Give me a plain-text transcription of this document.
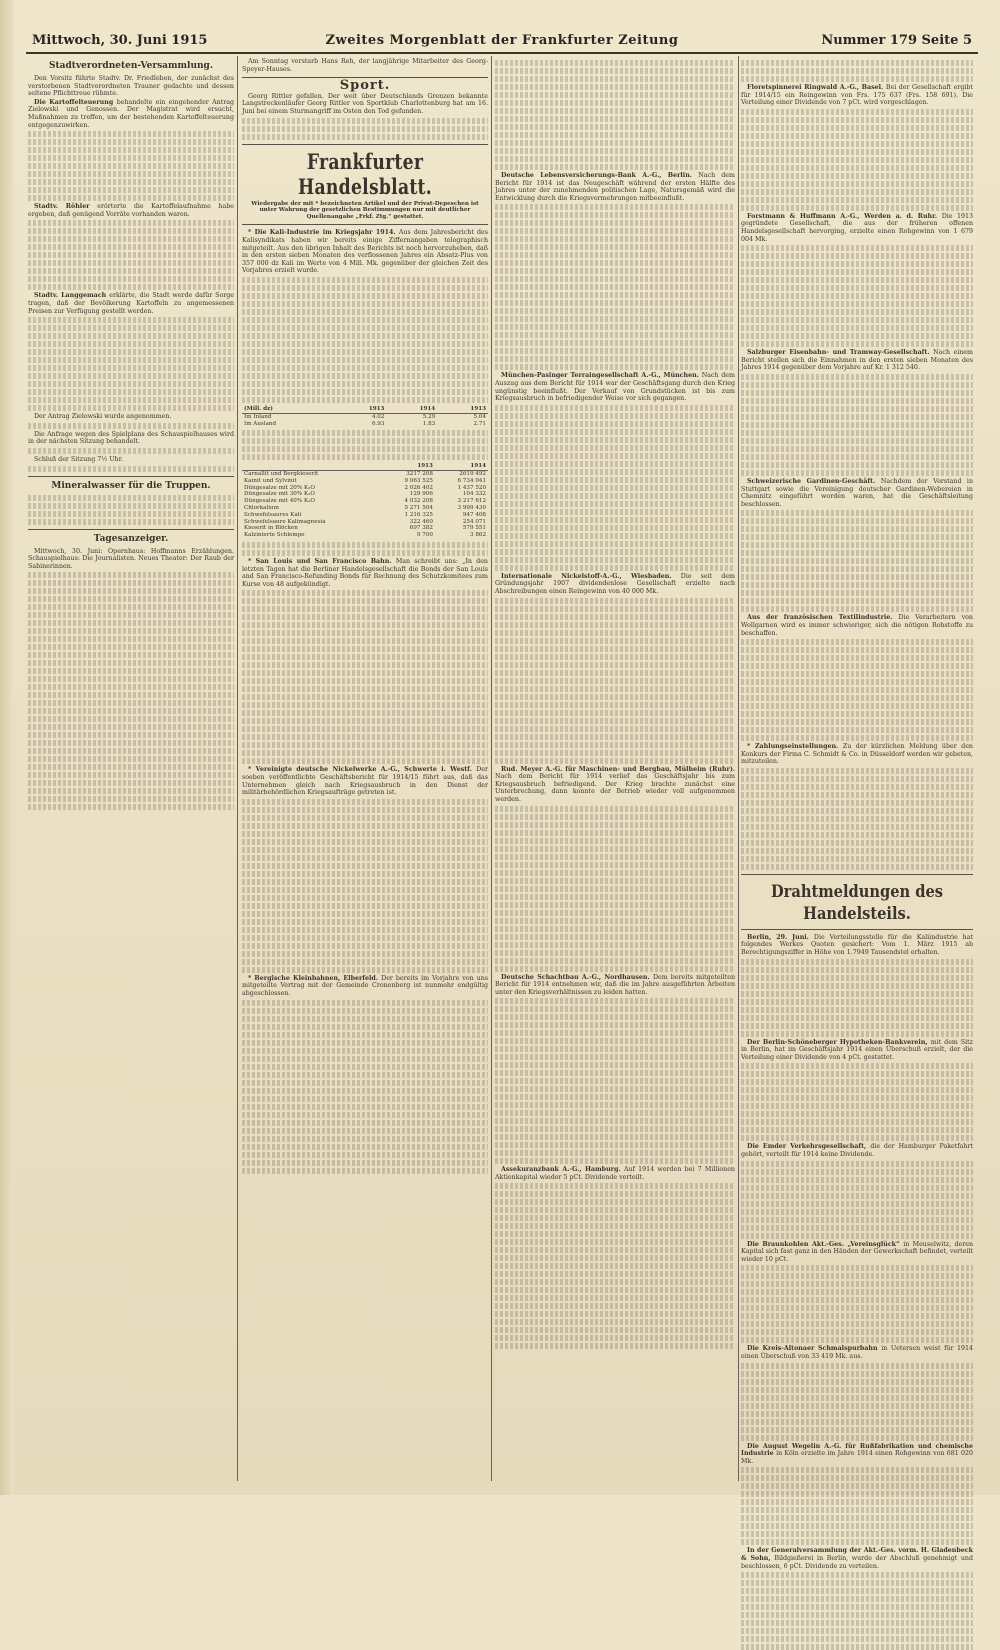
Mittwoch, 30. Juni 1915	Zweites Morgenblatt der Frankfurter Zeitung	Nummer 179 Seite 5
Stadtverordneten-Versammlung.

Den Vorsitz führte Stadtv. Dr. Friedleben, der zunächst des verstorbenen Stadtverordneten Trauner gedachte und dessen seltene Pflichttreue rühmte.

Die Kartoffelteuerung behandelte ein eingehender Antrag Zielowski und Genossen. Der Magistrat wird ersucht, Maßnahmen zu treffen, um der bestehenden Kartoffelteuerung entgegenzuwirken.

Stadtv. Röhler erörterte die Kartoffelaufnahme habe ergeben, daß genügend Vorräte vorhanden waren.

Stadtv. Langgemach erklärte, die Stadt werde dafür Sorge tragen, daß der Bevölkerung Kartoffeln zu angemessenen Preisen zur Verfügung gestellt werden.

Der Antrag Zielowski wurde angenommen.

Die Anfrage wegen des Spielplans des Schauspielhauses wird in der nächsten Sitzung behandelt.

Schluß der Sitzung 7½ Uhr.

Mineralwasser für die Truppen.
Tagesanzeiger.

Mittwoch, 30. Juni: Opernhaus: Hoffmanns Erzählungen. Schauspielhaus: Die Journalisten. Neues Theater: Der Raub der Sabinerinnen.

Am Sonntag verstarb Hans Reh, der langjährige Mitarbeiter des Georg-Speyer-Hauses.

Sport.

Georg Rittler gefallen. Der weit über Deutschlands Grenzen bekannte Langstreckenläufer Georg Rittler von Sportklub Charlottenburg hat am 16. Juni bei einem Sturmangriff im Osten den Tod gefunden.

Frankfurter Handelsblatt.
Wiedergabe der mit * bezeichneten Artikel und der Privat-Depeschen ist unter Wahrung der gesetzlichen Bestimmungen nur mit deutlicher Quellenangabe „Frkf. Ztg.“ gestattet.

* Die Kali-Industrie im Kriegsjahr 1914. Aus dem Jahresbericht des Kalisyndikats haben wir bereits einige Ziffernangaben telegraphisch mitgeteilt. Aus den übrigen Inhalt des Berichts ist noch hervorzuheben, daß in den ersten sieben Monaten des verflossenen Jahres ein Absatz-Plus von 357 000 dz Kali im Werte von 4 Mill. Mk. gegenüber der gleichen Zeit des Vorjahres erzielt wurde.

(Mill. dz)	1913	1914	1913
Im Inland	4.02	5.29	5.04
Im Ausland	6.93	1.83	2.71
	1913	1914
Carnallit und Bergkieserit	3217 208	2619 492
Kainit und Sylvinit	9 063 525	6 734 041
Düngesalze mit 20% K₂O	2 026 402	1 437 520
Düngesalze mit 30% K₂O	129 906	104 332
Düngesalze mit 40% K₂O	4 032 208	3 217 612
Chlorkalium	5 271 504	3 999 430
Schwefelsaures Kali	1 216 325	947 408
Schwefelsaure Kalimagnesia	322 460	254 071
Kieserit in Blöcken	697 382	579 551
Kalzinierte Schlempe	9 700	3 862

* San Louis und San Francisco Bahn. Man schreibt uns: „In den letzten Tagen hat die Berliner Handelsgesellschaft die Bonds der San Louis and San Francisco-Refunding Bonds für Rechnung des Schutzkomitees zum Kurse von 48 aufgekündigt.

* Vereinigte deutsche Nickelwerke A.-G., Schwerte i. Westf. Der soeben veröffentlichte Geschäftsbericht für 1914/15 führt aus, daß das Unternehmen gleich nach Kriegsausbruch in den Dienst der militärbehördlichen Kriegsaufträge getreten ist.

* Bergische Kleinbahnen, Elberfeld. Der bereits im Vorjahre von uns mitgeteilte Vertrag mit der Gemeinde Cronenberg ist nunmehr endgültig abgeschlossen.

Deutsche Lebensversicherungs-Bank A.-G., Berlin. Nach dem Bericht für 1914 ist das Neugeschäft während der ersten Hälfte des Jahres unter der zunehmenden politischen Lage, Natursgemäß wird die Entwicklung durch die Kriegsvermehrungen mitbeeinflußt.

München-Pasinger Terraingesellschaft A.-G., München. Nach dem Auszug aus dem Bericht für 1914 war der Geschäftsgang durch den Krieg ungünstig beeinflußt. Der Verkauf von Grundstücken ist bis zum Kriegsausbruch in befriedigender Weise vor sich gegangen.

Internationale Nickelstoff-A.-G., Wiesbaden. Die seit dem Gründungsjahr 1907 dividendenlose Gesellschaft erzielte nach Abschreibungen einen Reingewinn von 40 000 Mk.

Rud. Meyer A.-G. für Maschinen- und Bergbau, Mülheim (Ruhr). Nach dem Bericht für 1914 verlief das Geschäftsjahr bis zum Kriegsausbruch befriedigend. Der Krieg brachte zunächst eine Unterbrechung, dann konnte der Betrieb wieder voll aufgenommen werden.

Deutsche Schachtbau A.-G., Nordhausen. Dem bereits mitgeteilten Bericht für 1914 entnehmen wir, daß die im Jahre ausgeführten Arbeiten unter den Kriegsverhältnissen zu leiden hatten.

Assekuranzbank A.-G., Hamburg. Auf 1914 werden bei 7 Millionen Aktienkapital wieder 5 pCt. Dividende verteilt.

Floretspinnerei Ringwald A.-G., Basel. Bei der Gesellschaft ergibt für 1914/15 ein Reingewinn von Frs. 175 637 (Frs. 158 691). Die Verteilung einer Dividende von 7 pCt. wird vorgeschlagen.

Forstmann & Huffmann A.-G., Werden a. d. Ruhr. Die 1913 gegründete Gesellschaft, die aus der früheren offenen Handelsgesellschaft hervorging, erzielte einen Rohgewinn von 1 679 004 Mk.

Salzburger Eisenbahn- und Tramway-Gesellschaft. Nach einem Bericht stellen sich die Einnahmen in den ersten sieben Monaten des Jahres 1914 gegenüber dem Vorjahre auf Kr. 1 312 540.

Schweizerische Gardinen-Geschäft. Nachdem der Vorstand in Stuttgart sowie die Vereinigung deutscher Gardinen-Webereien in Chemnitz eingeführt worden waren, hat die Geschäftsleitung beschlossen.

Aus der französischen Textilindustrie. Die Verarbeitern von Wollgarnen wird es immer schwieriger, sich die nötigen Rohstoffe zu beschaffen.

* Zahlungseinstellungen. Zu der kürzlichen Meldung über den Konkurs der Firma C. Schmidt & Co. in Düsseldorf werden wir gebeten, mitzuteilen.

Drahtmeldungen des Handelsteils.

Berlin, 29. Juni. Die Verteilungsstelle für die Kaliindustrie hat folgendes Werkes Quoten gesichert: Vom 1. März 1915 ab Berechtigungsziffer in Höhe von 1.7949 Tausendstel erhalten.

Der Berlin-Schöneberger Hypotheken-Bankverein, mit dem Sitz in Berlin, hat im Geschäftsjahr 1914 einen Überschuß erzielt, der die Verteilung einer Dividende von 4 pCt. gestattet.

Die Emder Verkehrsgesellschaft, die der Hamburger Paketfahrt gehört, verteilt für 1914 keine Dividende.

Die Braunkohlen Akt.-Ges. „Vereinsglück“ in Meuselwitz, deren Kapital sich fast ganz in den Händen der Gewerkschaft befindet, verteilt wieder 10 pCt.

Die Kreis-Altonaer Schmalspurbahn in Uetersen weist für 1914 einen Überschuß von 33 419 Mk. aus.

Die August Wegelin A.-G. für Rußfabrikation und chemische Industrie in Köln erzielte im Jahre 1914 einen Rohgewinn von 681 020 Mk.

In der Generalversammlung der Akt.-Ges. vorm. H. Gladenbeck & Sohn, Bildgießerei in Berlin, wurde der Abschluß genehmigt und beschlossen, 6 pCt. Dividende zu verteilen.
